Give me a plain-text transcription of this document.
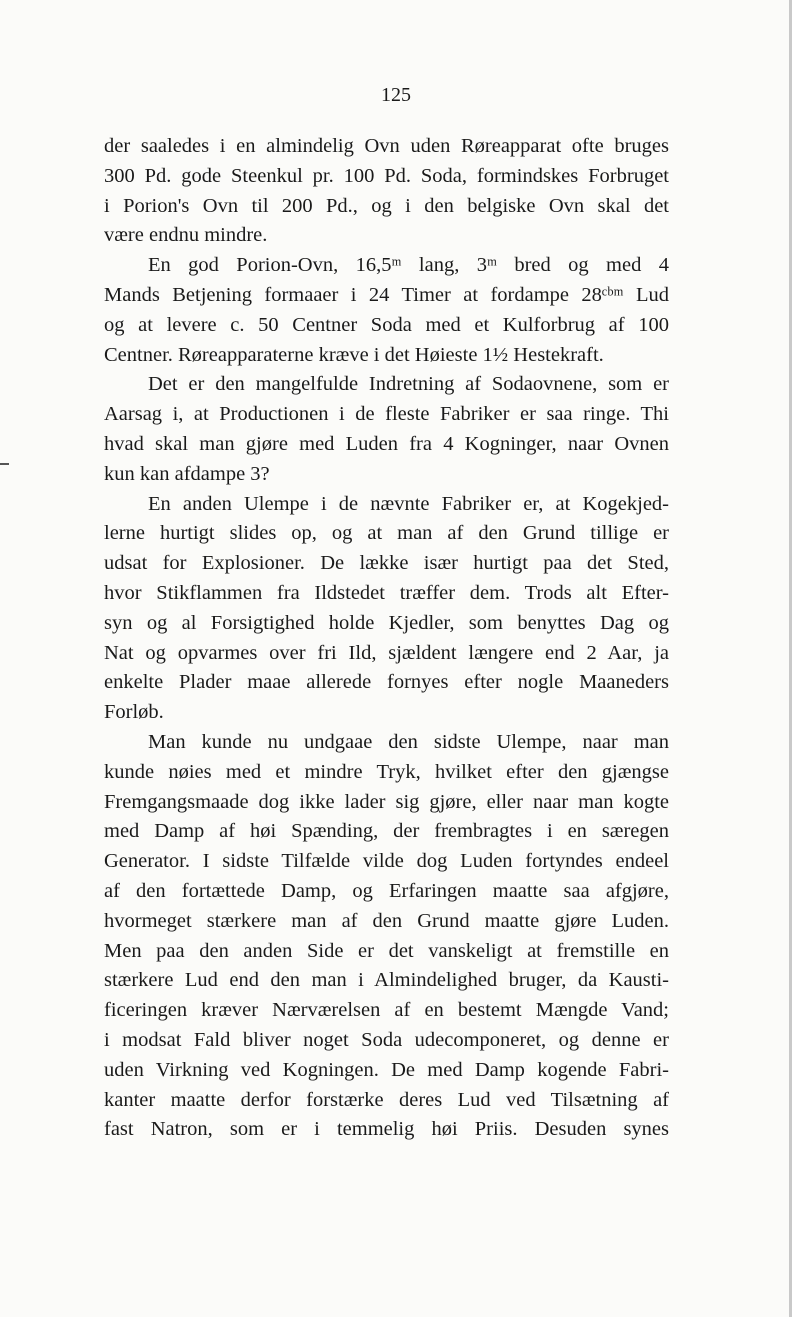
125
der saaledes i en almindelig Ovn uden Røreapparat ofte bruges
300 Pd. gode Steenkul pr. 100 Pd. Soda, formindskes Forbruget
i Porion's Ovn til 200 Pd., og i den belgiske Ovn skal det
være endnu mindre.
En god Porion-Ovn, 16,5ᵐ lang, 3ᵐ bred og med 4
Mands Betjening formaaer i 24 Timer at fordampe 28ᶜᵇᵐ Lud
og at levere c. 50 Centner Soda med et Kulforbrug af 100
Centner. Røreapparaterne kræve i det Høieste 1½ Hestekraft.
Det er den mangelfulde Indretning af Sodaovnene, som er
Aarsag i, at Productionen i de fleste Fabriker er saa ringe. Thi
hvad skal man gjøre med Luden fra 4 Kogninger, naar Ovnen
kun kan afdampe 3?
En anden Ulempe i de nævnte Fabriker er, at Kogekjed-
lerne hurtigt slides op, og at man af den Grund tillige er
udsat for Explosioner. De lække især hurtigt paa det Sted,
hvor Stikflammen fra Ildstedet træffer dem. Trods alt Efter-
syn og al Forsigtighed holde Kjedler, som benyttes Dag og
Nat og opvarmes over fri Ild, sjældent længere end 2 Aar, ja
enkelte Plader maae allerede fornyes efter nogle Maaneders
Forløb.
Man kunde nu undgaae den sidste Ulempe, naar man
kunde nøies med et mindre Tryk, hvilket efter den gjængse
Fremgangsmaade dog ikke lader sig gjøre, eller naar man kogte
med Damp af høi Spænding, der frembragtes i en særegen
Generator. I sidste Tilfælde vilde dog Luden fortyndes endeel
af den fortættede Damp, og Erfaringen maatte saa afgjøre,
hvormeget stærkere man af den Grund maatte gjøre Luden.
Men paa den anden Side er det vanskeligt at fremstille en
stærkere Lud end den man i Almindelighed bruger, da Kausti-
ficeringen kræver Nærværelsen af en bestemt Mængde Vand;
i modsat Fald bliver noget Soda udecomponeret, og denne er
uden Virkning ved Kogningen. De med Damp kogende Fabri-
kanter maatte derfor forstærke deres Lud ved Tilsætning af
fast Natron, som er i temmelig høi Priis. Desuden synes
